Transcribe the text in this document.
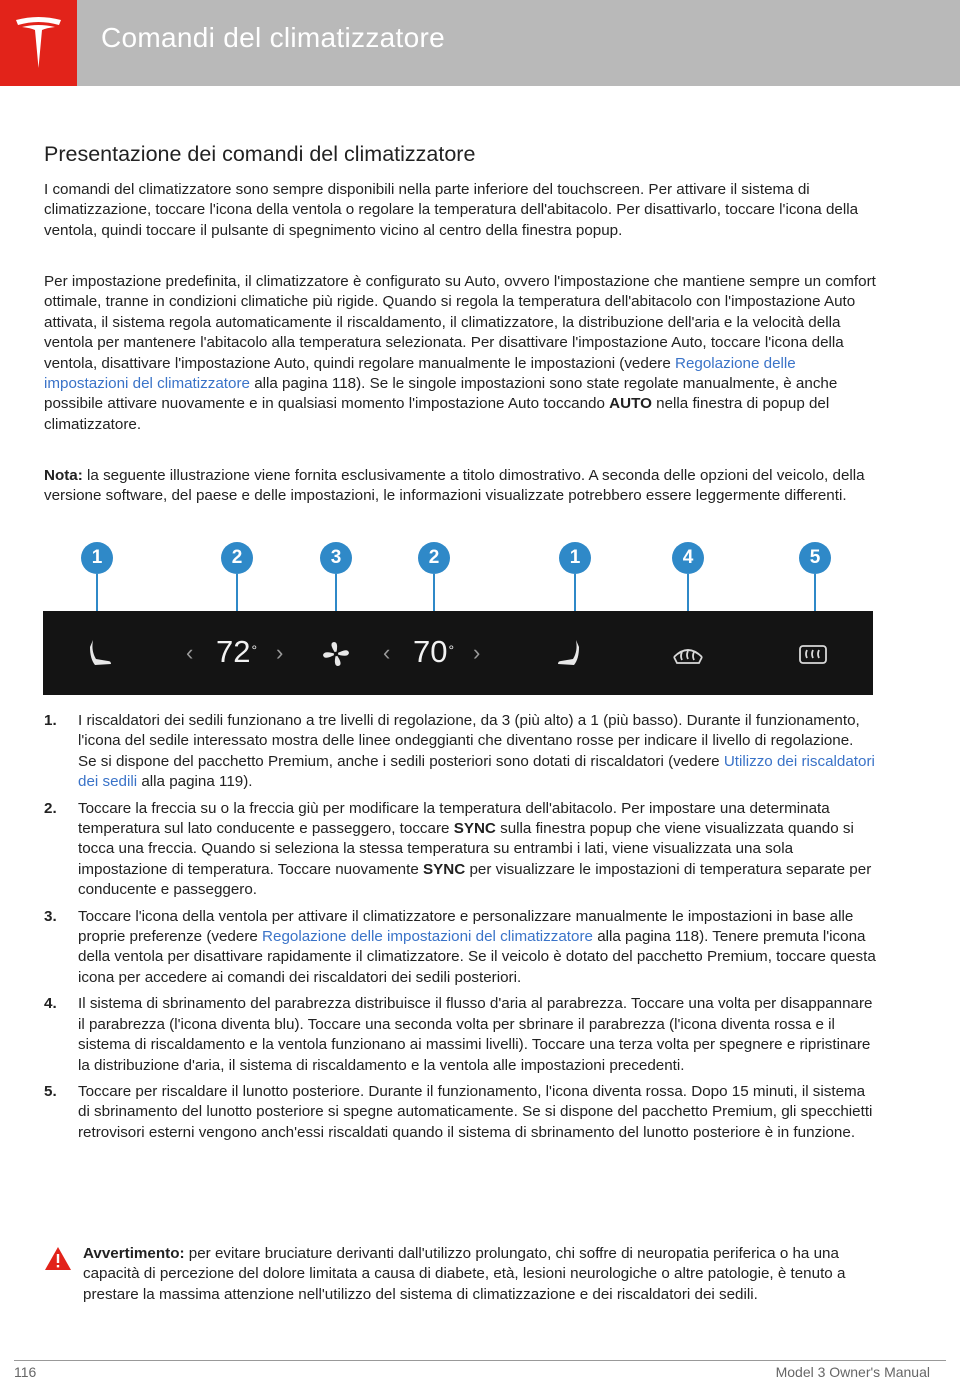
Comandi del climatizzatore
Presentazione dei comandi del climatizzatore

I comandi del climatizzatore sono sempre disponibili nella parte inferiore del touchscreen. Per attivare il sistema di climatizzazione, toccare l'icona della ventola o regolare la temperatura dell'abitacolo. Per disattivarlo, toccare l'icona della ventola, quindi toccare il pulsante di spegnimento vicino al centro della finestra popup.

Per impostazione predefinita, il climatizzatore è configurato su Auto, ovvero l'impostazione che mantiene sempre un comfort ottimale, tranne in condizioni climatiche più rigide. Quando si regola la temperatura dell'abitacolo con l'impostazione Auto attivata, il sistema regola automaticamente il riscaldamento, il climatizzatore, la distribuzione dell'aria e la velocità della ventola per mantenere l'abitacolo alla temperatura selezionata. Per disattivare l'impostazione Auto, toccare l'icona della ventola, disattivare l'impostazione Auto, quindi regolare manualmente le impostazioni (vedere Regolazione delle impostazioni del climatizzatore alla pagina 118). Se le singole impostazioni sono state regolate manualmente, è anche possibile attivare nuovamente e in qualsiasi momento l'impostazione Auto toccando AUTO nella finestra di popup del climatizzatore.

Nota: la seguente illustrazione viene fornita esclusivamente a titolo dimostrativo. A seconda delle opzioni del veicolo, della versione software, del paese e delle impostazioni, le informazioni visualizzate potrebbero essere leggermente differenti.

1	2	3	2	1	4	5
‹ 72° ›	‹ 70° ›
1. I riscaldatori dei sedili funzionano a tre livelli di regolazione, da 3 (più alto) a 1 (più basso). Durante il funzionamento, l'icona del sedile interessato mostra delle linee ondeggianti che diventano rosse per indicare il livello di regolazione. Se si dispone del pacchetto Premium, anche i sedili posteriori sono dotati di riscaldatori (vedere Utilizzo dei riscaldatori dei sedili alla pagina 119).
2. Toccare la freccia su o la freccia giù per modificare la temperatura dell'abitacolo. Per impostare una determinata temperatura sul lato conducente e passeggero, toccare SYNC sulla finestra popup che viene visualizzata quando si tocca una freccia. Quando si seleziona la stessa temperatura su entrambi i lati, viene visualizzata una sola impostazione di temperatura. Toccare nuovamente SYNC per visualizzare le impostazioni di temperatura separate per conducente e passeggero.
3. Toccare l'icona della ventola per attivare il climatizzatore e personalizzare manualmente le impostazioni in base alle proprie preferenze (vedere Regolazione delle impostazioni del climatizzatore alla pagina 118). Tenere premuta l'icona della ventola per disattivare rapidamente il climatizzatore. Se il veicolo è dotato del pacchetto Premium, toccare questa icona per accedere ai comandi dei riscaldatori dei sedili posteriori.
4. Il sistema di sbrinamento del parabrezza distribuisce il flusso d'aria al parabrezza. Toccare una volta per disappannare il parabrezza (l'icona diventa blu). Toccare una seconda volta per sbrinare il parabrezza (l'icona diventa rossa e il sistema di riscaldamento e la ventola funzionano ai massimi livelli). Toccare una terza volta per spegnere e ripristinare la distribuzione d'aria, il sistema di riscaldamento e la ventola alle impostazioni precedenti.
5. Toccare per riscaldare il lunotto posteriore. Durante il funzionamento, l'icona diventa rossa. Dopo 15 minuti, il sistema di sbrinamento del lunotto posteriore si spegne automaticamente. Se si dispone del pacchetto Premium, gli specchietti retrovisori esterni vengono anch'essi riscaldati quando il sistema di sbrinamento del lunotto posteriore è in funzione.
Avvertimento: per evitare bruciature derivanti dall'utilizzo prolungato, chi soffre di neuropatia periferica o ha una capacità di percezione del dolore limitata a causa di diabete, età, lesioni neurologiche o altre patologie, è tenuto a prestare la massima attenzione nell'utilizzo del sistema di climatizzazione e dei riscaldatori dei sedili.
116	Model 3 Owner's Manual
